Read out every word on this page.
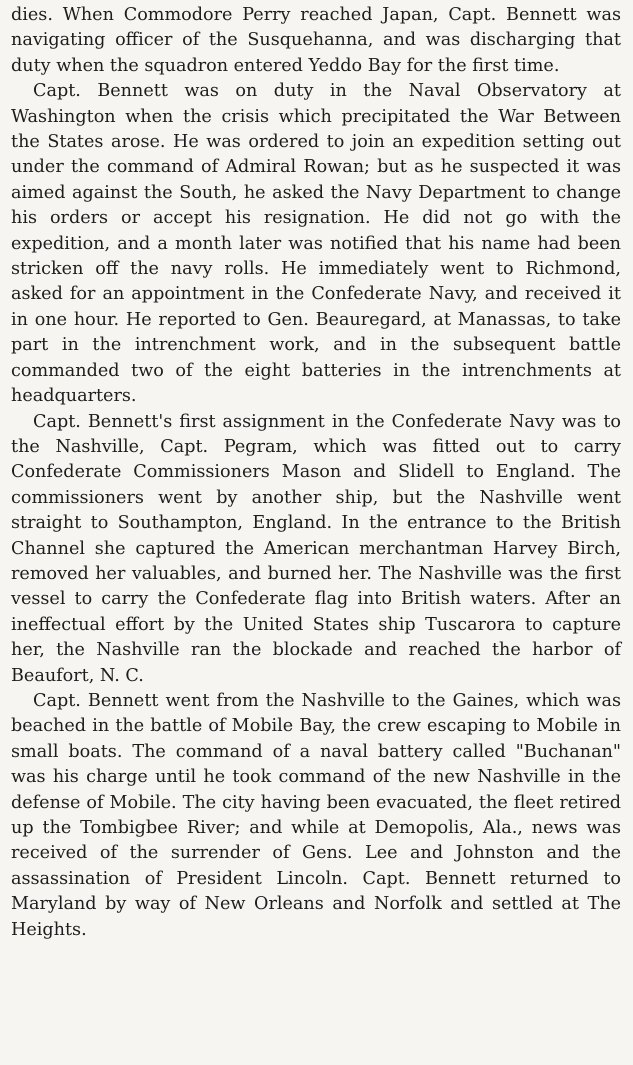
dies. When Commodore Perry reached Japan, Capt. Bennett was navigating officer of the Susquehanna, and was discharging that duty when the squadron entered Yeddo Bay for the first time.

Capt. Bennett was on duty in the Naval Observatory at Washington when the crisis which precipitated the War Between the States arose. He was ordered to join an expedition setting out under the command of Admiral Rowan; but as he suspected it was aimed against the South, he asked the Navy Department to change his orders or accept his resignation. He did not go with the expedition, and a month later was notified that his name had been stricken off the navy rolls. He immediately went to Richmond, asked for an appointment in the Confederate Navy, and received it in one hour. He reported to Gen. Beauregard, at Manassas, to take part in the intrenchment work, and in the subsequent battle commanded two of the eight batteries in the intrenchments at headquarters.

Capt. Bennett's first assignment in the Confederate Navy was to the Nashville, Capt. Pegram, which was fitted out to carry Confederate Commissioners Mason and Slidell to England. The commissioners went by another ship, but the Nashville went straight to Southampton, England. In the entrance to the British Channel she captured the American merchantman Harvey Birch, removed her valuables, and burned her. The Nashville was the first vessel to carry the Confederate flag into British waters. After an ineffectual effort by the United States ship Tuscarora to capture her, the Nashville ran the blockade and reached the harbor of Beaufort, N. C.

Capt. Bennett went from the Nashville to the Gaines, which was beached in the battle of Mobile Bay, the crew escaping to Mobile in small boats. The command of a naval battery called "Buchanan" was his charge until he took command of the new Nashville in the defense of Mobile. The city having been evacuated, the fleet retired up the Tombigbee River; and while at Demopolis, Ala., news was received of the surrender of Gens. Lee and Johnston and the assassination of President Lincoln. Capt. Bennett returned to Maryland by way of New Orleans and Norfolk and settled at The Heights.
